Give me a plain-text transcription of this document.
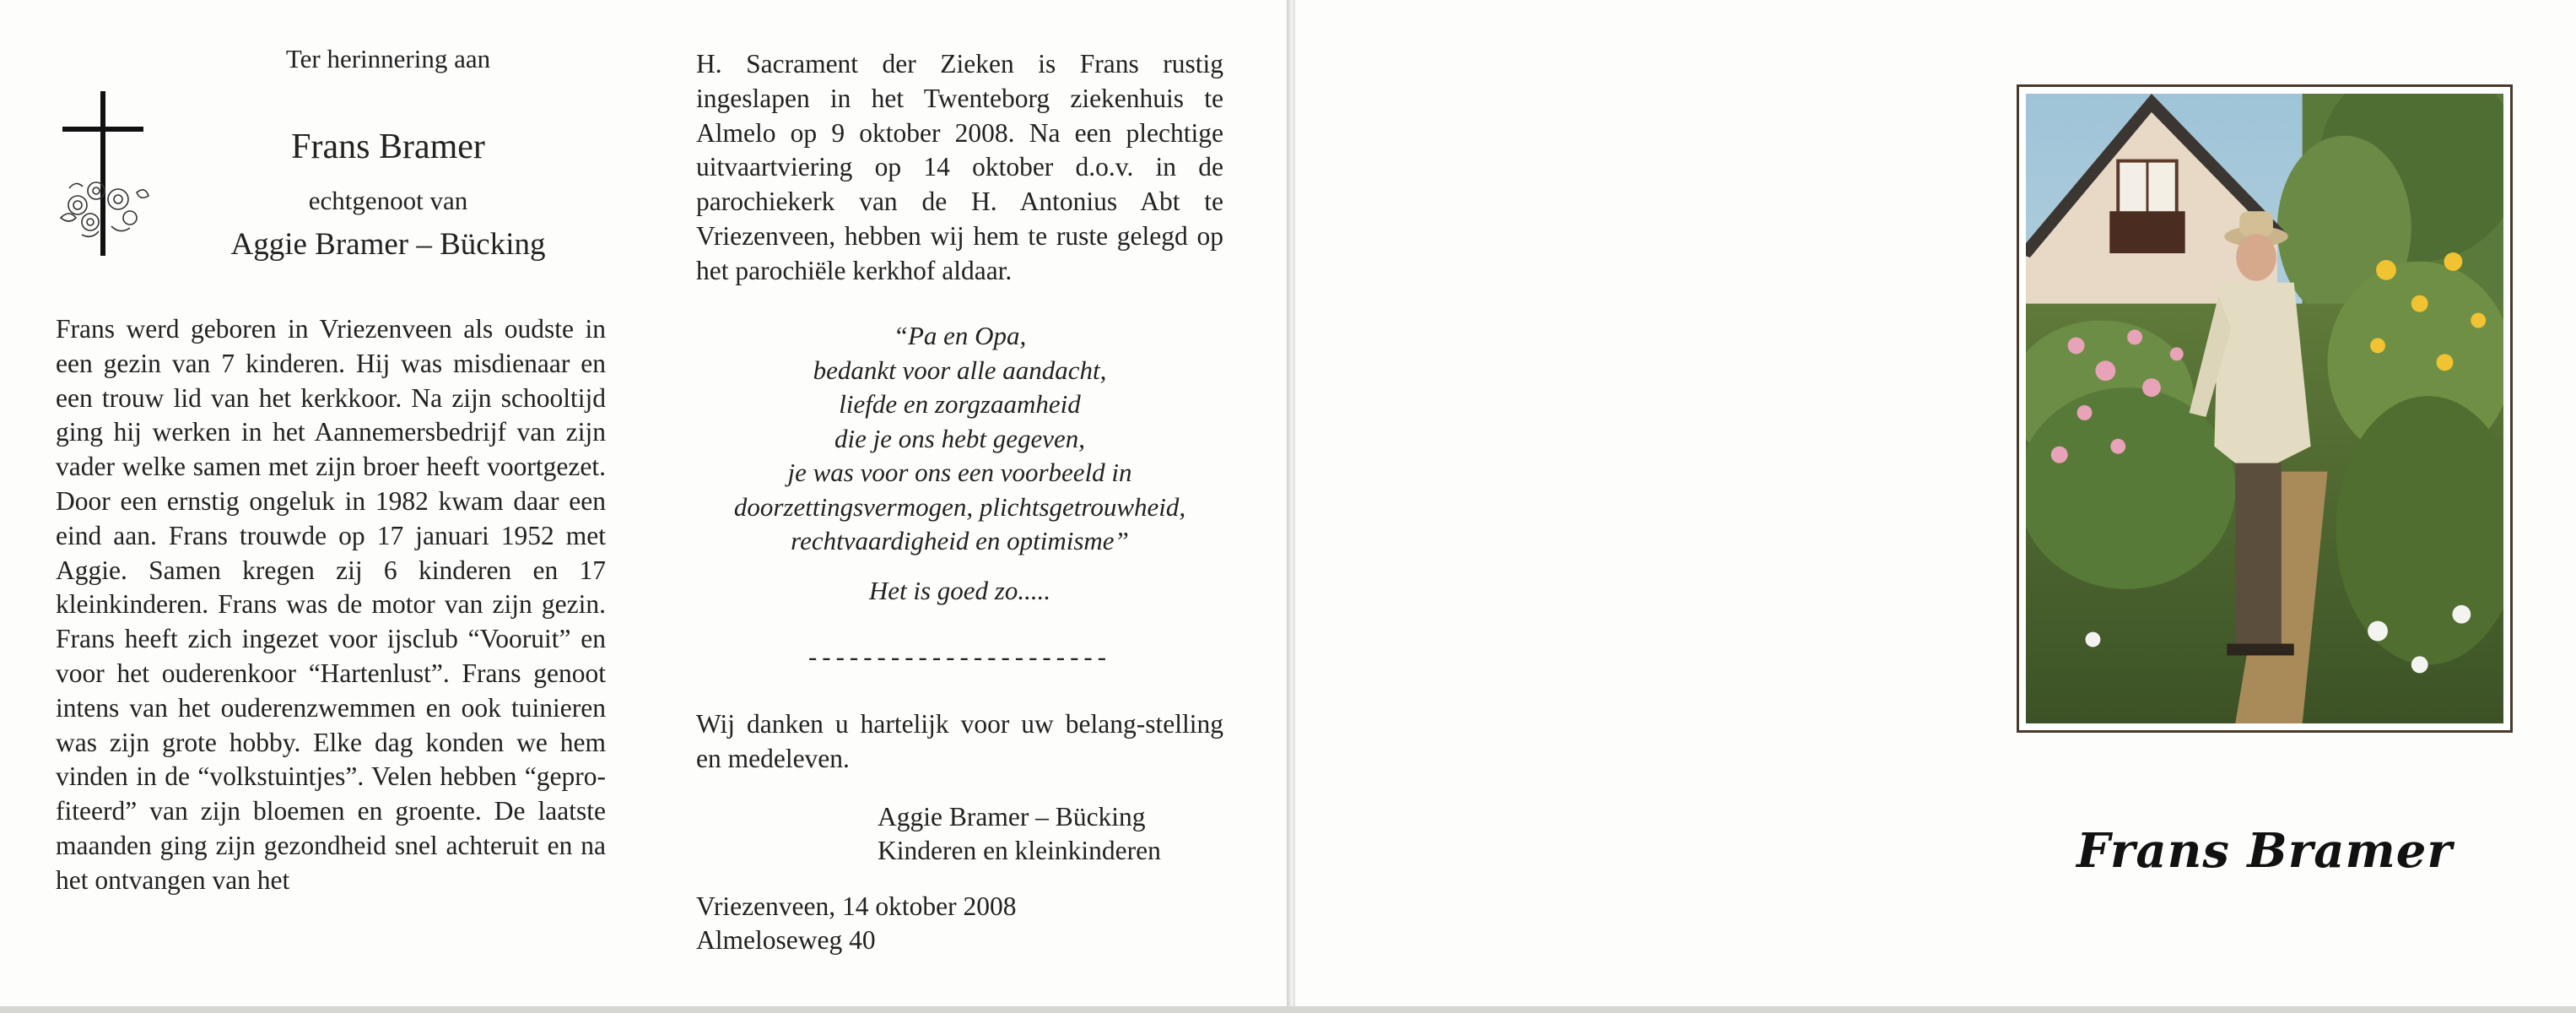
Ter herinnering aan
Frans Bramer
echtgenoot van
Aggie Bramer – Bücking
Frans werd geboren in Vriezenveen als oudste in een gezin van 7 kinderen. Hij was misdienaar en een trouw lid van het kerkkoor. Na zijn schooltijd ging hij werken in het Aannemersbedrijf van zijn vader welke samen met zijn broer heeft voortgezet. Door een ernstig ongeluk in 1982 kwam daar een eind aan. Frans trouwde op 17 januari 1952 met Aggie. Samen kregen zij 6 kinderen en 17 kleinkinderen. Frans was de motor van zijn gezin. Frans heeft zich ingezet voor ijsclub “Vooruit” en voor het ouderenkoor “Hartenlust”. Frans genoot intens van het ouderenzwemmen en ook tuinieren was zijn grote hobby. Elke dag konden we hem vinden in de “volkstuintjes”. Velen hebben “gepro-fiteerd” van zijn bloemen en groente. De laatste maanden ging zijn gezondheid snel achteruit en na het ontvangen van het
H. Sacrament der Zieken is Frans rustig ingeslapen in het Twenteborg ziekenhuis te Almelo op 9 oktober 2008. Na een plechtige uitvaartviering op 14 oktober d.o.v. in de parochiekerk van de H. Antonius Abt te Vriezenveen, hebben wij hem te ruste gelegd op het parochiële kerkhof aldaar.
“Pa en Opa,
bedankt voor alle aandacht,
liefde en zorgzaamheid
die je ons hebt gegeven,
je was voor ons een voorbeeld in
doorzettingsvermogen, plichtsgetrouwheid,
rechtvaardigheid en optimisme”
Het is goed zo.....
----------------------
Wij danken u hartelijk voor uw belang-stelling en medeleven.
Aggie Bramer – Bücking
Kinderen en kleinkinderen
Vriezenveen, 14 oktober 2008
Almeloseweg 40
Frans Bramer
